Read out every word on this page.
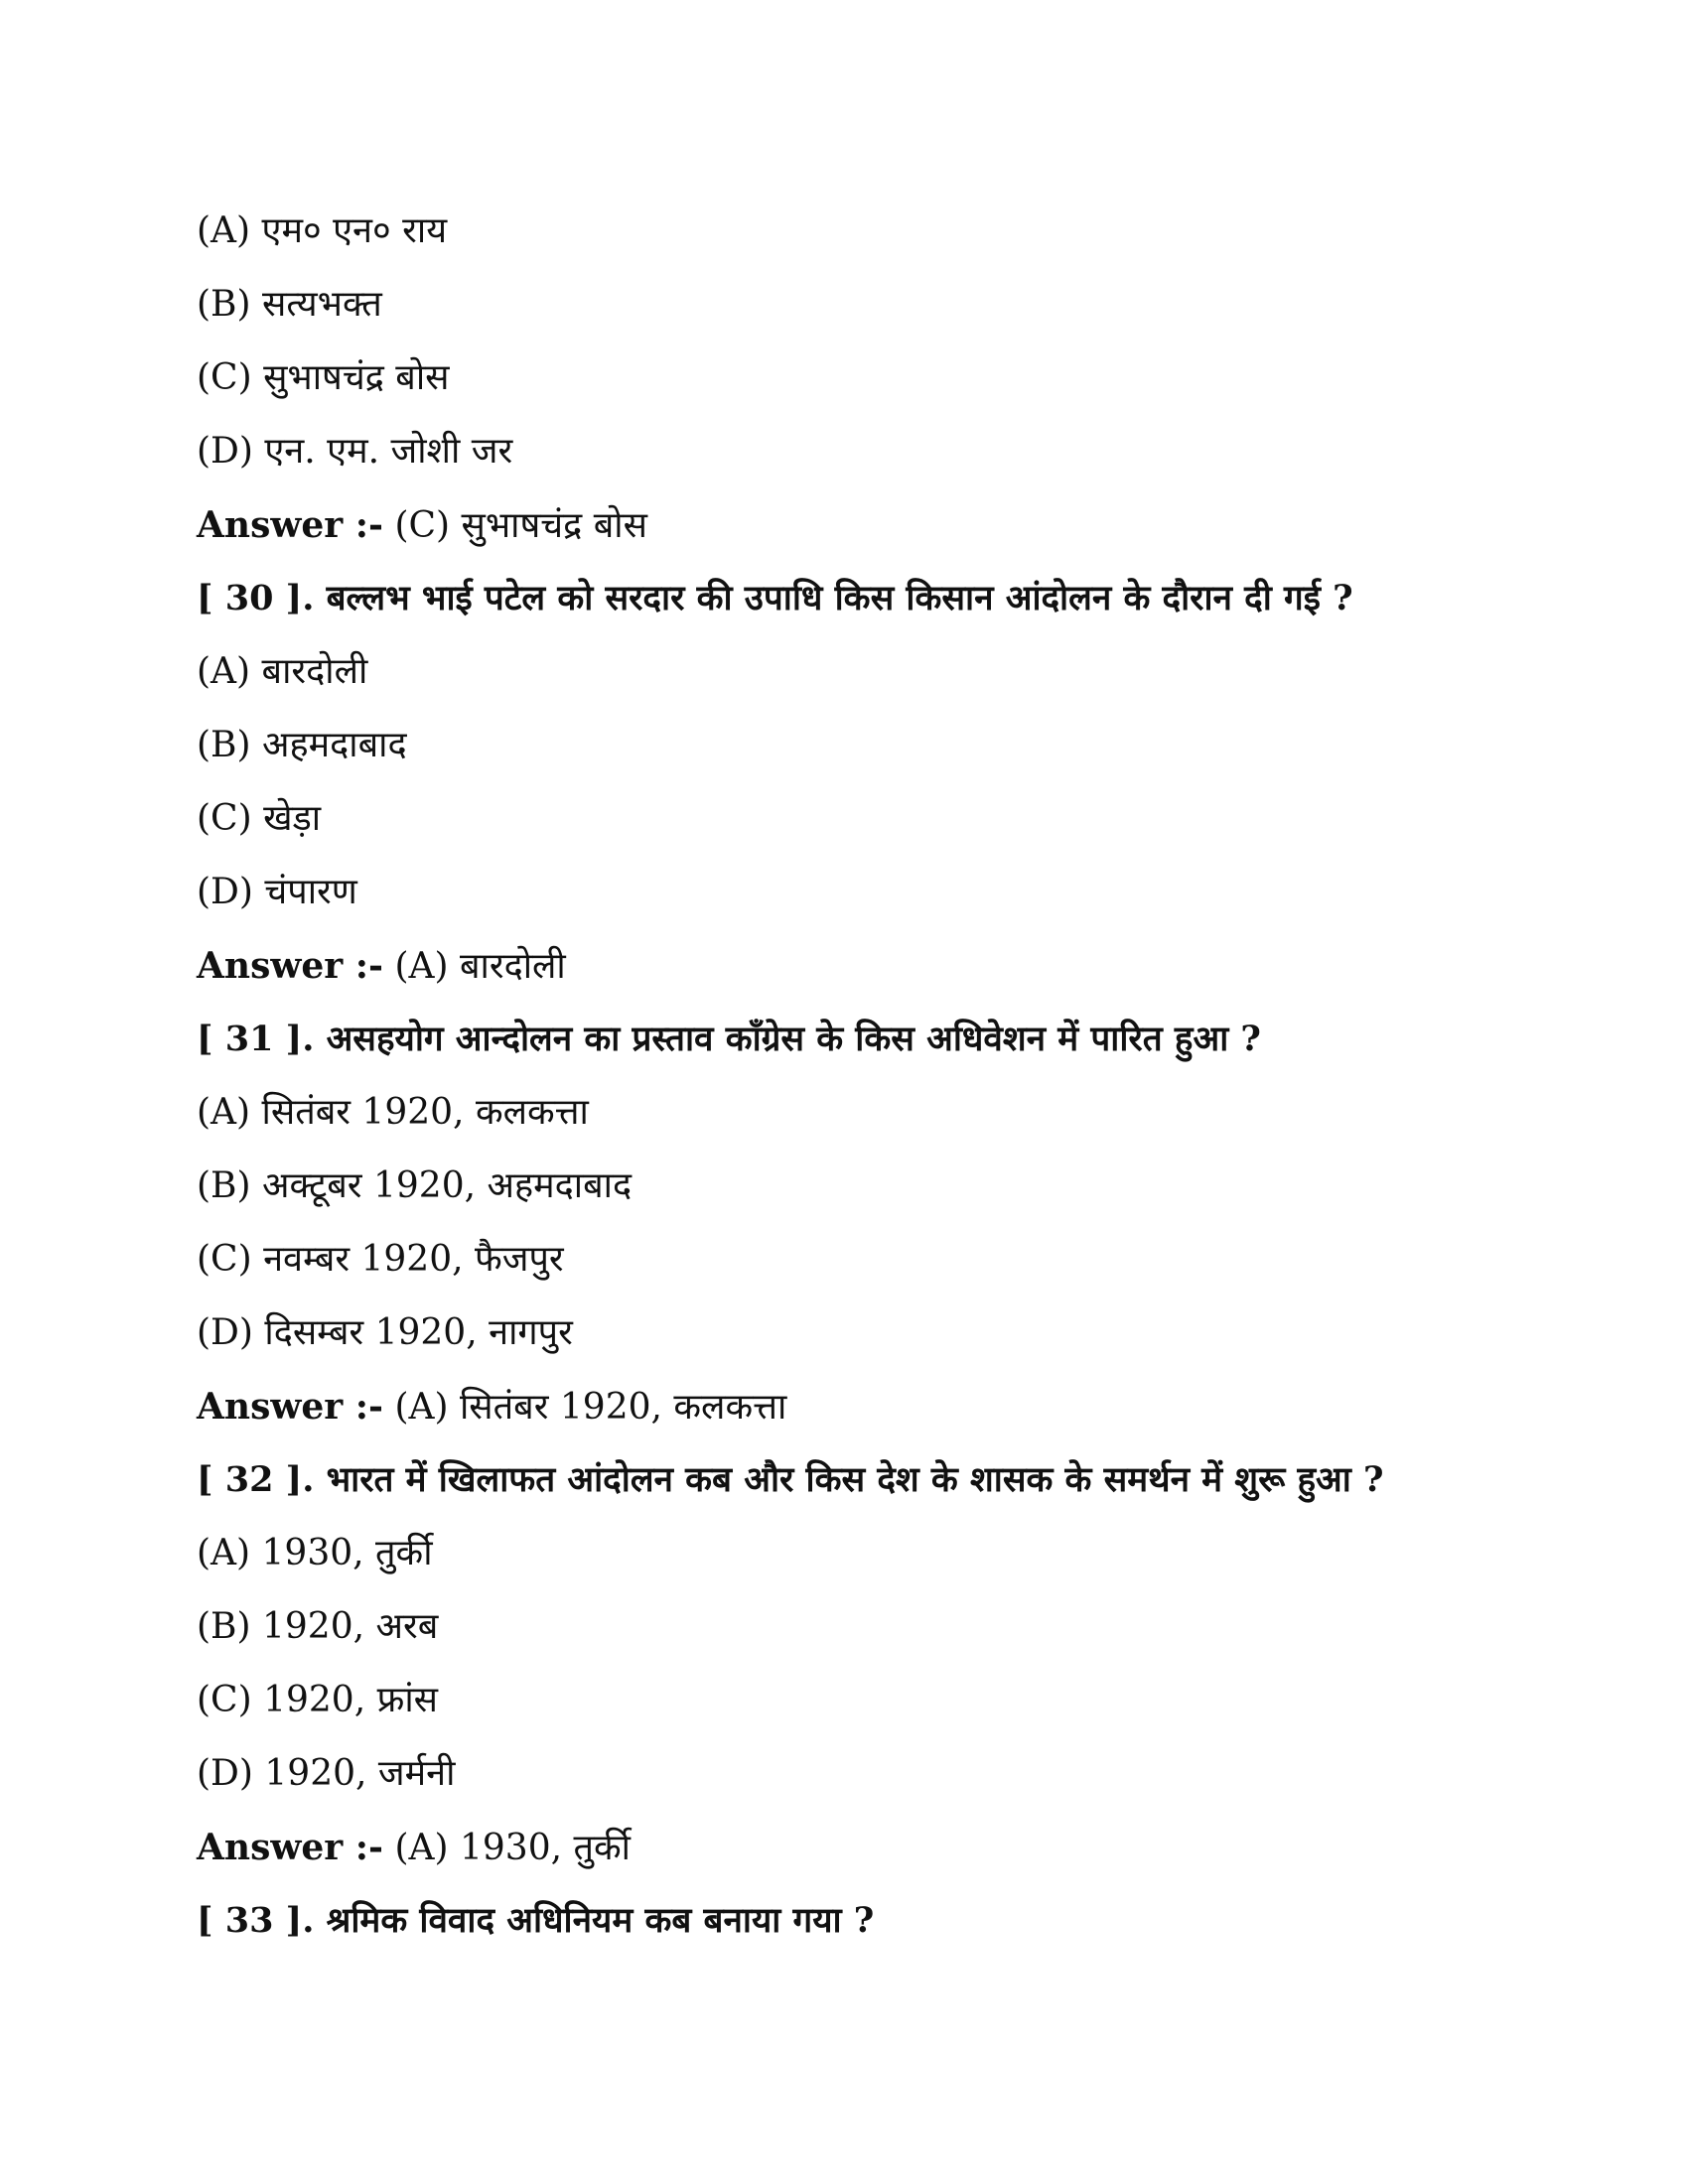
(A) एम० एन० राय
(B) सत्यभक्त
(C) सुभाषचंद्र बोस
(D) एन. एम. जोशी जर
Answer :- (C) सुभाषचंद्र बोस
[ 30 ]. बल्लभ भाई पटेल को सरदार की उपाधि किस किसान आंदोलन के दौरान दी गई ?
(A) बारदोली
(B) अहमदाबाद
(C) खेड़ा
(D) चंपारण
Answer :- (A) बारदोली
[ 31 ]. असहयोग आन्दोलन का प्रस्ताव काँग्रेस के किस अधिवेशन में पारित हुआ ?
(A) सितंबर 1920, कलकत्ता
(B) अक्टूबर 1920, अहमदाबाद
(C) नवम्बर 1920, फैजपुर
(D) दिसम्बर 1920, नागपुर
Answer :- (A) सितंबर 1920, कलकत्ता
[ 32 ]. भारत में खिलाफत आंदोलन कब और किस देश के शासक के समर्थन में शुरू हुआ ?
(A) 1930, तुर्की
(B) 1920, अरब
(C) 1920, फ्रांस
(D) 1920, जर्मनी
Answer :- (A) 1930, तुर्की
[ 33 ]. श्रमिक विवाद अधिनियम कब बनाया गया ?
